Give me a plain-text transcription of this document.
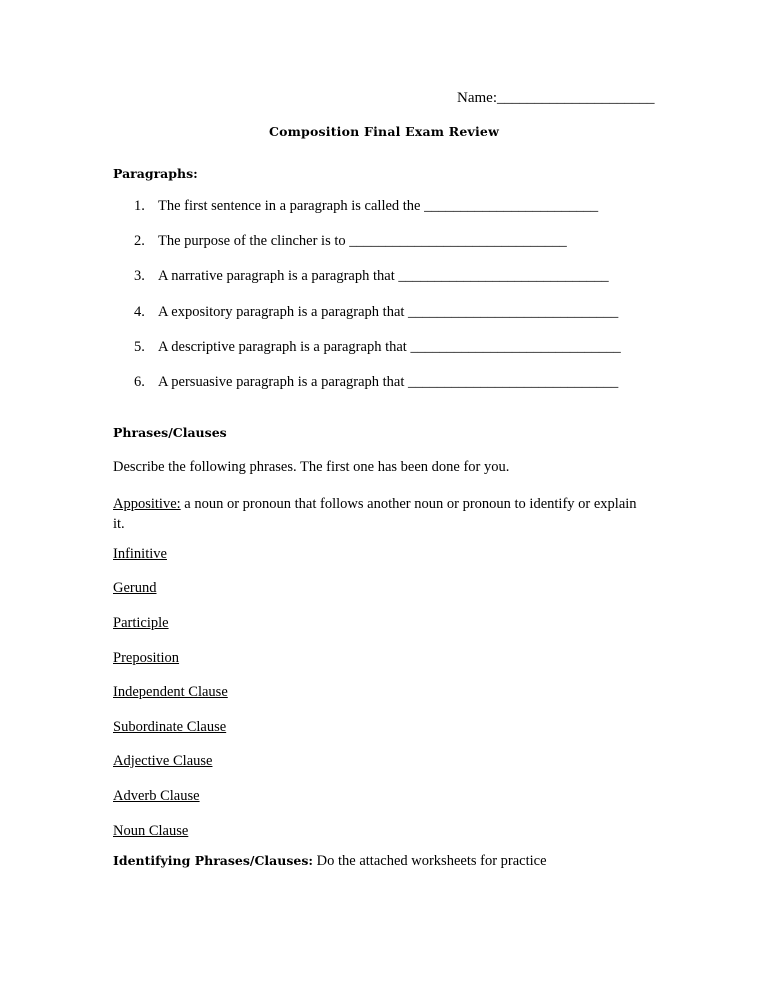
Name:_____________________
Composition Final Exam Review
Paragraphs:
1. The first sentence in a paragraph is called the ________________________
2. The purpose of the clincher is to ______________________________
3. A narrative paragraph is a paragraph that _____________________________
4. A expository paragraph is a paragraph that _____________________________
5. A descriptive paragraph is a paragraph that _____________________________
6. A persuasive paragraph is a paragraph that _____________________________
Phrases/Clauses
Describe the following phrases. The first one has been done for you.
Appositive: a noun or pronoun that follows another noun or pronoun to identify or explain it.
Infinitive
Gerund
Participle
Preposition
Independent Clause
Subordinate Clause
Adjective Clause
Adverb Clause
Noun Clause
Identifying Phrases/Clauses: Do the attached worksheets for practice
